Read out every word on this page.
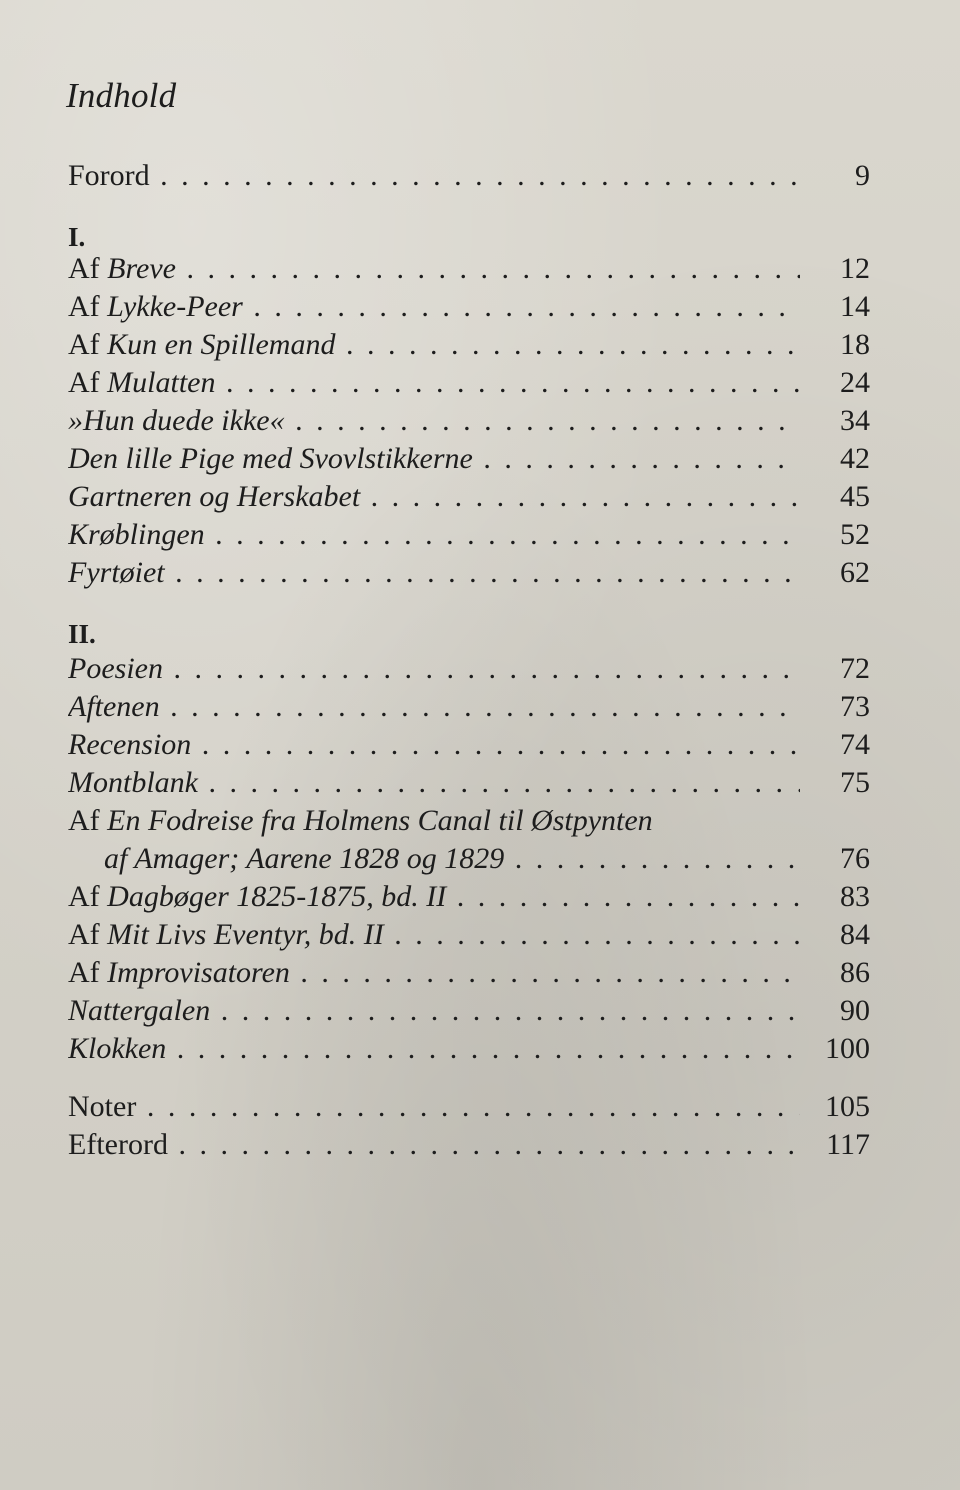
Indhold
Forord . . .	9
I.
Af Breve . . .	12
Af Lykke-Peer . . .	14
Af Kun en Spillemand . . .	18
Af Mulatten . . .	24
»Hun duede ikke« . . .	34
Den lille Pige med Svovlstikkerne . . .	42
Gartneren og Herskabet . . .	45
Krøblingen . . .	52
Fyrtøiet . . .	62
II.
Poesien . . .	72
Aftenen . . .	73
Recension . . .	74
Montblank . . .	75
Af En Fodreise fra Holmens Canal til Østpynten
af Amager; Aarene 1828 og 1829 . . .	76
Af Dagbøger 1825-1875, bd. II . . .	83
Af Mit Livs Eventyr, bd. II . . .	84
Af Improvisatoren . . .	86
Nattergalen . . .	90
Klokken . . .	100
Noter . . .	105
Efterord . . .	117
